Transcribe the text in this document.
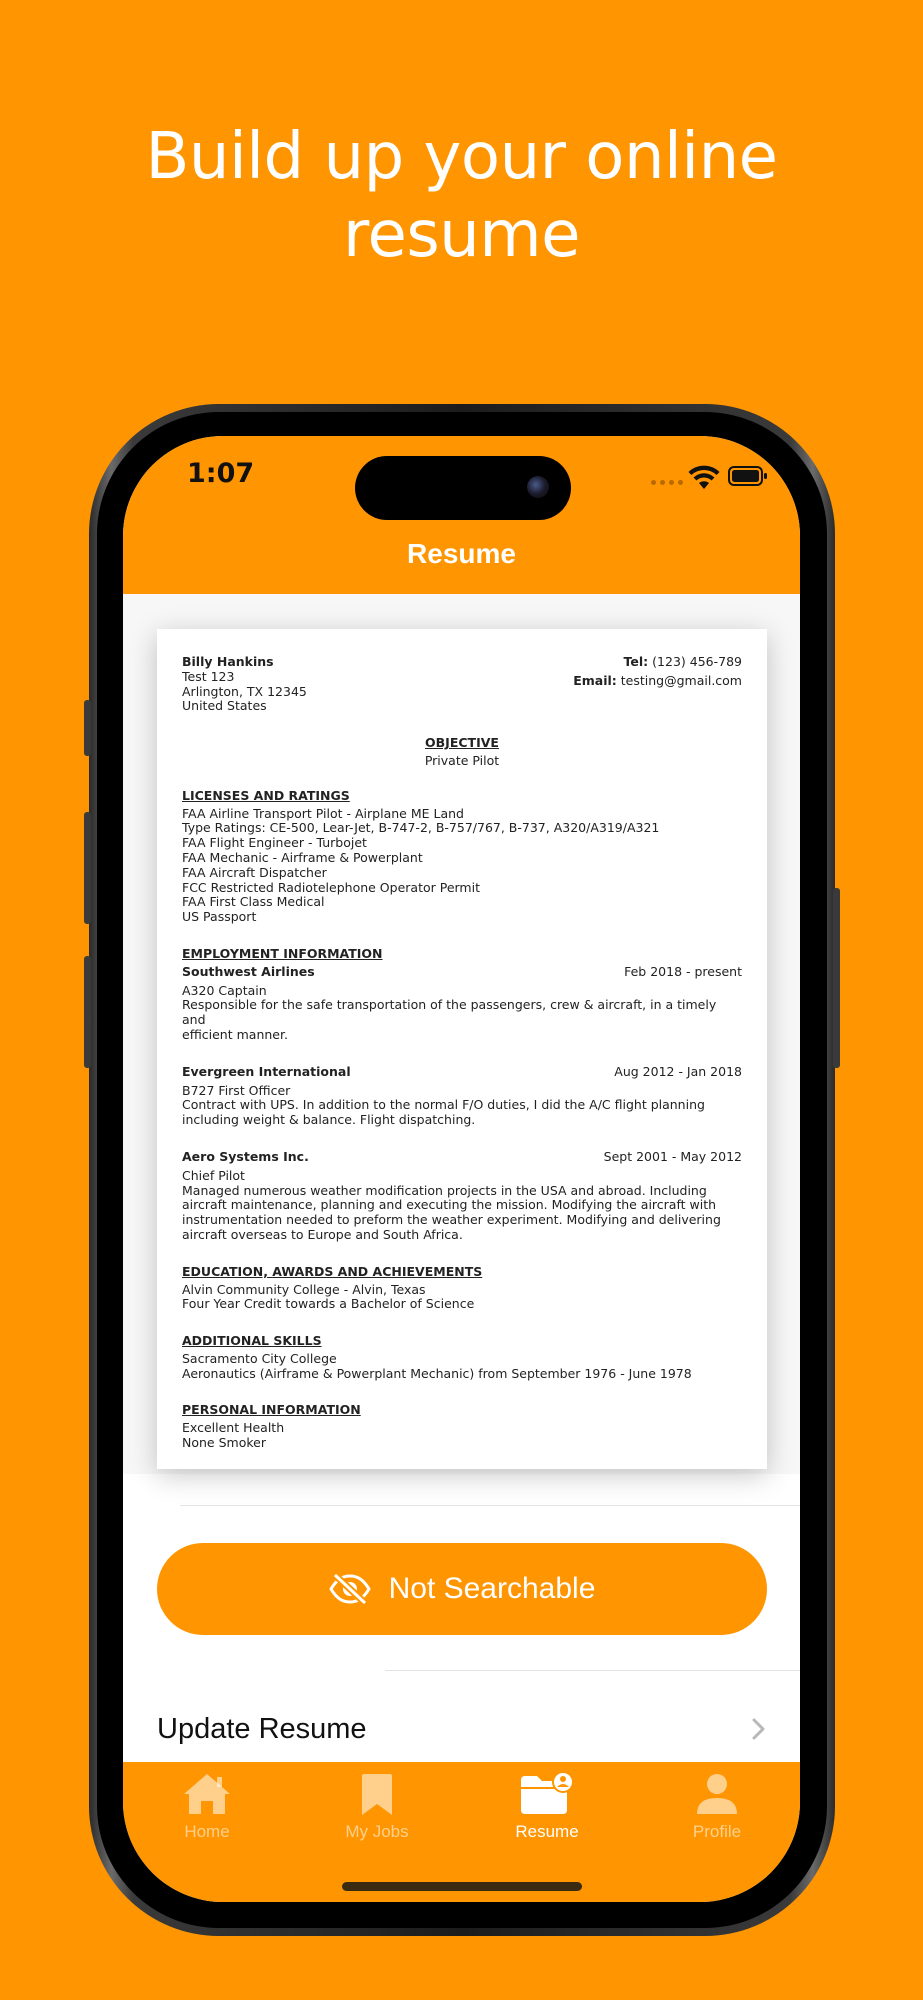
Build up your online
resume
1:07
Resume
Billy Hankins
Test 123
Arlington, TX 12345
United States
Tel: (123) 456-789
Email: testing@gmail.com
OBJECTIVE
Private Pilot
LICENSES AND RATINGS
FAA Airline Transport Pilot - Airplane ME Land
Type Ratings: CE-500, Lear-Jet, B-747-2, B-757/767, B-737, A320/A319/A321
FAA Flight Engineer - Turbojet
FAA Mechanic - Airframe & Powerplant
FAA Aircraft Dispatcher
FCC Restricted Radiotelephone Operator Permit
FAA First Class Medical
US Passport
EMPLOYMENT INFORMATION
Southwest Airlines	Feb 2018 - present
A320 Captain
Responsible for the safe transportation of the passengers, crew & aircraft, in a timely and
efficient manner.
Evergreen International	Aug 2012 - Jan 2018
B727 First Officer
Contract with UPS. In addition to the normal F/O duties, I did the A/C flight planning
including weight & balance. Flight dispatching.
Aero Systems Inc.	Sept 2001 - May 2012
Chief Pilot
Managed numerous weather modification projects in the USA and abroad. Including
aircraft maintenance, planning and executing the mission. Modifying the aircraft with
instrumentation needed to preform the weather experiment. Modifying and delivering
aircraft overseas to Europe and South Africa.
EDUCATION, AWARDS AND ACHIEVEMENTS
Alvin Community College - Alvin, Texas
Four Year Credit towards a Bachelor of Science
ADDITIONAL SKILLS
Sacramento City College
Aeronautics (Airframe & Powerplant Mechanic) from September 1976 - June 1978
PERSONAL INFORMATION
Excellent Health
None Smoker
Not Searchable
Update Resume
Home	My Jobs	Resume	Profile
